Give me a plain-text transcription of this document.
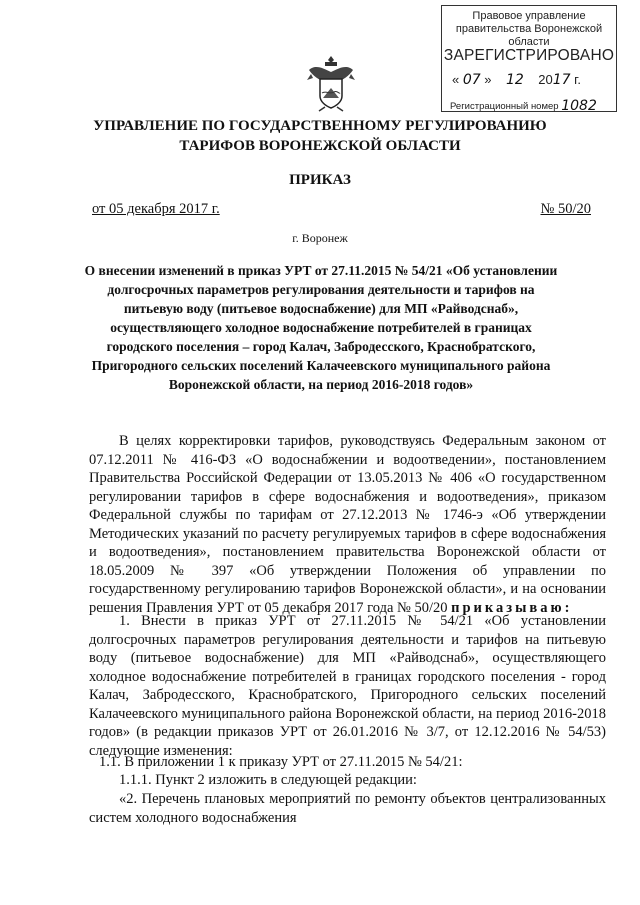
Правовое управление правительства Воронежской области
ЗАРЕГИСТРИРОВАНО
« 07 »    12 2017 г.
Регистрационный номер 1082
УПРАВЛЕНИЕ ПО ГОСУДАРСТВЕННОМУ РЕГУЛИРОВАНИЮ ТАРИФОВ ВОРОНЕЖСКОЙ ОБЛАСТИ
ПРИКАЗ
от 05 декабря 2017 г.	№ 50/20
г. Воронеж
О внесении изменений в приказ УРТ от 27.11.2015 № 54/21 «Об установлении долгосрочных параметров регулирования деятельности и тарифов на питьевую воду (питьевое водоснабжение) для МП «Райводснаб», осуществляющего холодное водоснабжение потребителей в границах городского поселения – город Калач, Забродесского, Краснобратского, Пригородного сельских поселений Калачеевского муниципального района Воронежской области, на период 2016-2018 годов»
В целях корректировки тарифов, руководствуясь Федеральным законом от 07.12.2011 № 416-ФЗ «О водоснабжении и водоотведении», постановлением Правительства Российской Федерации от 13.05.2013 № 406 «О государственном регулировании тарифов в сфере водоснабжения и водоотведения», приказом Федеральной службы по тарифам от 27.12.2013 № 1746-э «Об утверждении Методических указаний по расчету регулируемых тарифов в сфере водоснабжения и водоотведения», постановлением правительства Воронежской области от 18.05.2009 № 397 «Об утверждении Положения об управлении по государственному регулированию тарифов Воронежской области», и на основании решения Правления УРТ от 05 декабря 2017 года № 50/20 приказываю:
1. Внести в приказ УРТ от 27.11.2015 № 54/21 «Об установлении долгосрочных параметров регулирования деятельности и тарифов на питьевую воду (питьевое водоснабжение) для МП «Райводснаб», осуществляющего холодное водоснабжение потребителей в границах городского поселения - город Калач, Забродесского, Краснобратского, Пригородного сельских поселений Калачеевского муниципального района Воронежской области, на период 2016-2018 годов» (в редакции приказов УРТ от 26.01.2016 № 3/7, от 12.12.2016 № 54/53) следующие изменения:
1.1. В приложении 1 к приказу УРТ от 27.11.2015 № 54/21:
1.1.1. Пункт 2 изложить в следующей редакции:
«2. Перечень плановых мероприятий по ремонту объектов централизованных систем холодного водоснабжения
